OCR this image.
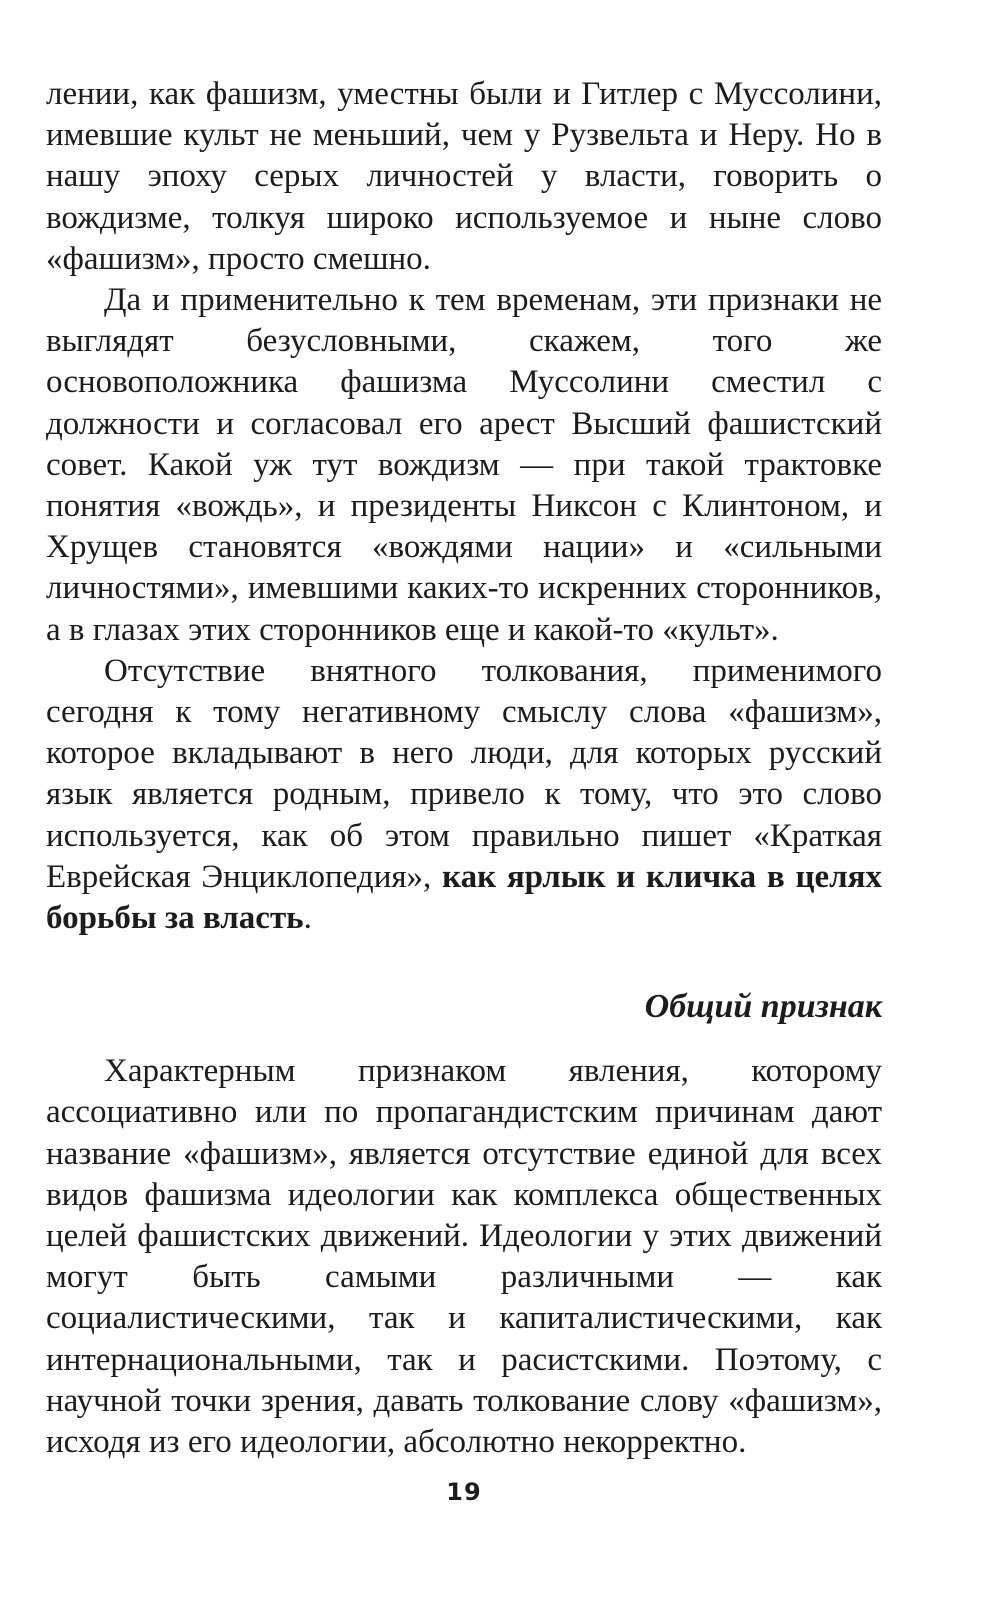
лении, как фашизм, уместны были и Гитлер с Муссолини, имевшие культ не меньший, чем у Рузвельта и Неру. Но в нашу эпоху серых личностей у власти, говорить о вождизме, толкуя широко используемое и ныне слово «фашизм», просто смешно.

Да и применительно к тем временам, эти признаки не выглядят безусловными, скажем, того же основоположника фашизма Муссолини сместил с должности и согласовал его арест Высший фашистский совет. Какой уж тут вождизм — при такой трактовке понятия «вождь», и президенты Никсон с Клинтоном, и Хрущев становятся «вождями нации» и «сильными личностями», имевшими каких-то искренних сторонников, а в глазах этих сторонников еще и какой-то «культ».

Отсутствие внятного толкования, применимого сегодня к тому негативному смыслу слова «фашизм», которое вкладывают в него люди, для которых русский язык является родным, привело к тому, что это слово используется, как об этом правильно пишет «Краткая Еврейская Энциклопедия», как ярлык и кличка в целях борьбы за власть.

Общий признак

Характерным признаком явления, которому ассоциативно или по пропагандистским причинам дают название «фашизм», является отсутствие единой для всех видов фашизма идеологии как комплекса общественных целей фашистских движений. Идеологии у этих движений могут быть самыми различными — как социалистическими, так и капиталистическими, как интернациональными, так и расистскими. Поэтому, с научной точки зрения, давать толкование слову «фашизм», исходя из его идеологии, абсолютно некорректно.

19
